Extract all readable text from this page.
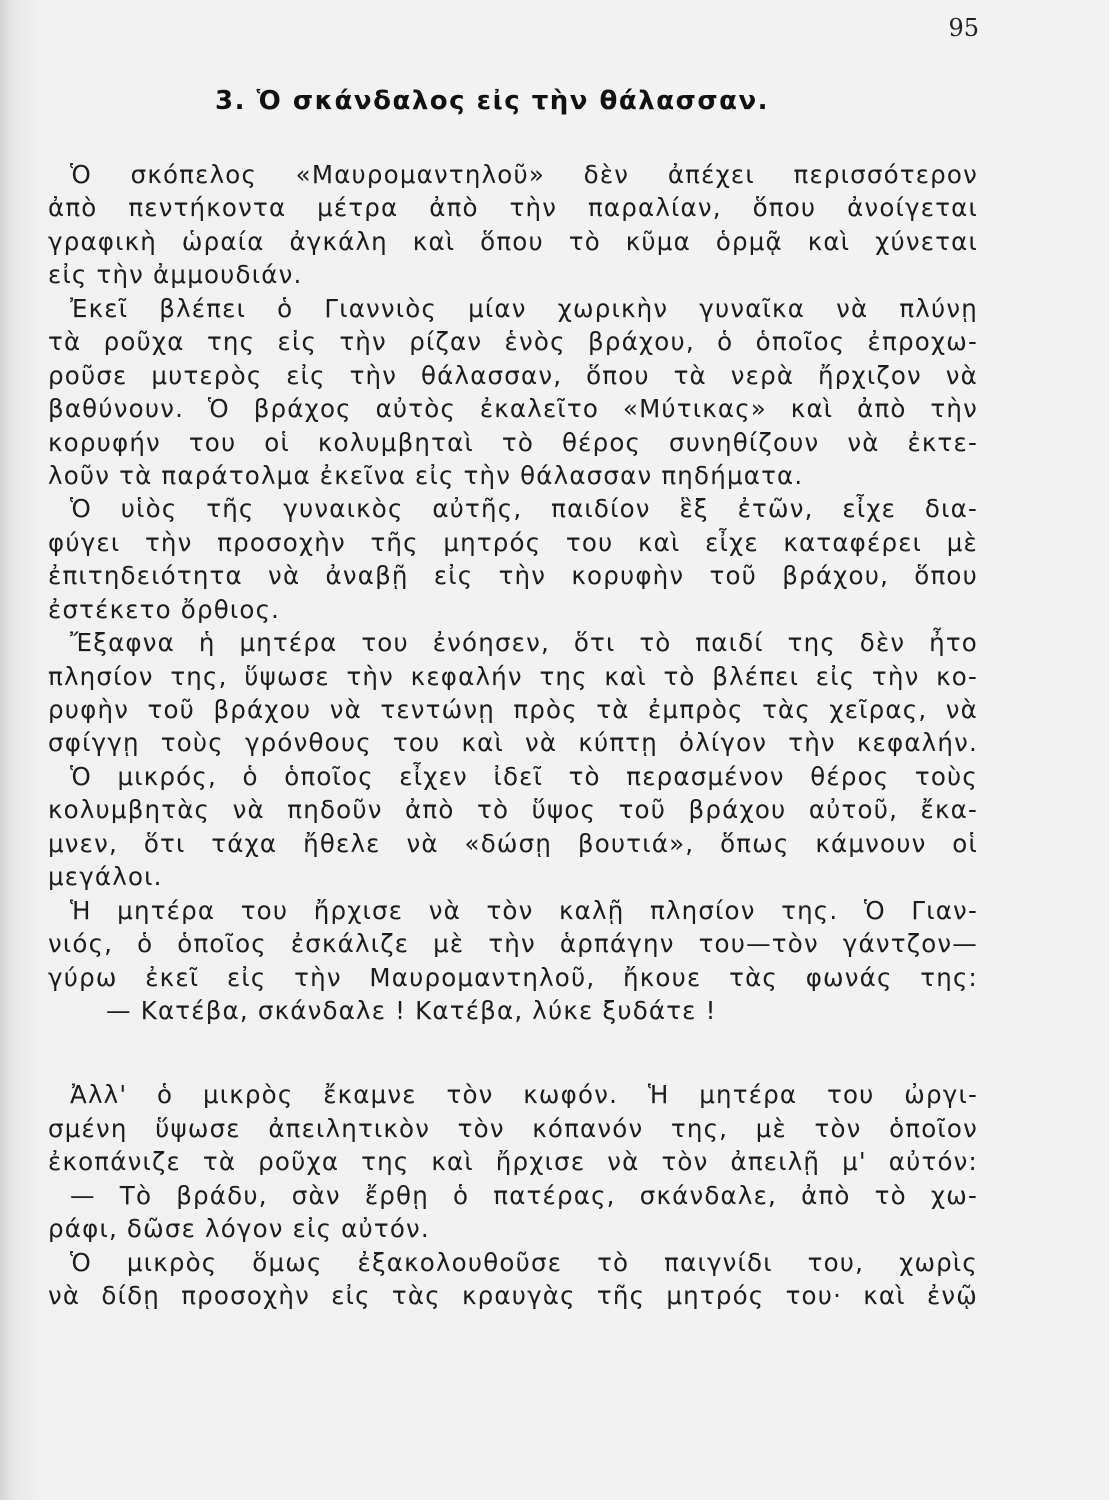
95
3. Ὁ σκάνδαλος εἰς τὴν θάλασσαν.
Ὁ σκόπελος «Μαυρομαντηλοῦ» δὲν ἀπέχει περισσότερον
ἀπὸ πεντήκοντα μέτρα ἀπὸ τὴν παραλίαν, ὅπου ἀνοίγεται
γραφικὴ ὡραία ἀγκάλη καὶ ὅπου τὸ κῦμα ὁρμᾷ καὶ χύνεται
εἰς τὴν ἀμμουδιάν.
Ἐκεῖ βλέπει ὁ Γιαννιὸς μίαν χωρικὴν γυναῖκα νὰ πλύνῃ
τὰ ροῦχα της εἰς τὴν ρίζαν ἑνὸς βράχου, ὁ ὁποῖος ἐπροχω-
ροῦσε μυτερὸς εἰς τὴν θάλασσαν, ὅπου τὰ νερὰ ἤρχιζον νὰ
βαθύνουν. Ὁ βράχος αὐτὸς ἐκαλεῖτο «Μύτικας» καὶ ἀπὸ τὴν
κορυφήν του οἱ κολυμβηταὶ τὸ θέρος συνηθίζουν νὰ ἐκτε-
λοῦν τὰ παράτολμα ἐκεῖνα εἰς τὴν θάλασσαν πηδήματα.
Ὁ υἱὸς τῆς γυναικὸς αὐτῆς, παιδίον ἓξ ἐτῶν, εἶχε δια-
φύγει τὴν προσοχὴν τῆς μητρός του καὶ εἶχε καταφέρει μὲ
ἐπιτηδειότητα νὰ ἀναβῇ εἰς τὴν κορυφὴν τοῦ βράχου, ὅπου
ἐστέκετο ὄρθιος.
Ἔξαφνα ἡ μητέρα του ἐνόησεν, ὅτι τὸ παιδί της δὲν ἦτο
πλησίον της, ὕψωσε τὴν κεφαλήν της καὶ τὸ βλέπει εἰς τὴν κο-
ρυφὴν τοῦ βράχου νὰ τεντώνῃ πρὸς τὰ ἐμπρὸς τὰς χεῖρας, νὰ
σφίγγῃ τοὺς γρόνθους του καὶ νὰ κύπτῃ ὀλίγον τὴν κεφαλήν.
Ὁ μικρός, ὁ ὁποῖος εἶχεν ἰδεῖ τὸ περασμένον θέρος τοὺς
κολυμβητὰς νὰ πηδοῦν ἀπὸ τὸ ὕψος τοῦ βράχου αὐτοῦ, ἔκα-
μνεν, ὅτι τάχα ἤθελε νὰ «δώσῃ βουτιά», ὅπως κάμνουν οἱ
μεγάλοι.
Ἡ μητέρα του ἤρχισε νὰ τὸν καλῇ πλησίον της. Ὁ Γιαν-
νιός, ὁ ὁποῖος ἐσκάλιζε μὲ τὴν ἁρπάγην του—τὸν γάντζον—
γύρω ἐκεῖ εἰς τὴν Μαυρομαντηλοῦ, ἤκουε τὰς φωνάς της:
— Κατέβα, σκάνδαλε ! Κατέβα, λύκε ξυδάτε !
Ἀλλ' ὁ μικρὸς ἔκαμνε τὸν κωφόν. Ἡ μητέρα του ὠργι-
σμένη ὕψωσε ἀπειλητικὸν τὸν κόπανόν της, μὲ τὸν ὁποῖον
ἐκοπάνιζε τὰ ροῦχα της καὶ ἤρχισε νὰ τὸν ἀπειλῇ μ' αὐτόν:
— Τὸ βράδυ, σὰν ἔρθῃ ὁ πατέρας, σκάνδαλε, ἀπὸ τὸ χω-
ράφι, δῶσε λόγον εἰς αὐτόν.
Ὁ μικρὸς ὅμως ἐξακολουθοῦσε τὸ παιγνίδι του, χωρὶς
νὰ δίδῃ προσοχὴν εἰς τὰς κραυγὰς τῆς μητρός του· καὶ ἐνῷ
